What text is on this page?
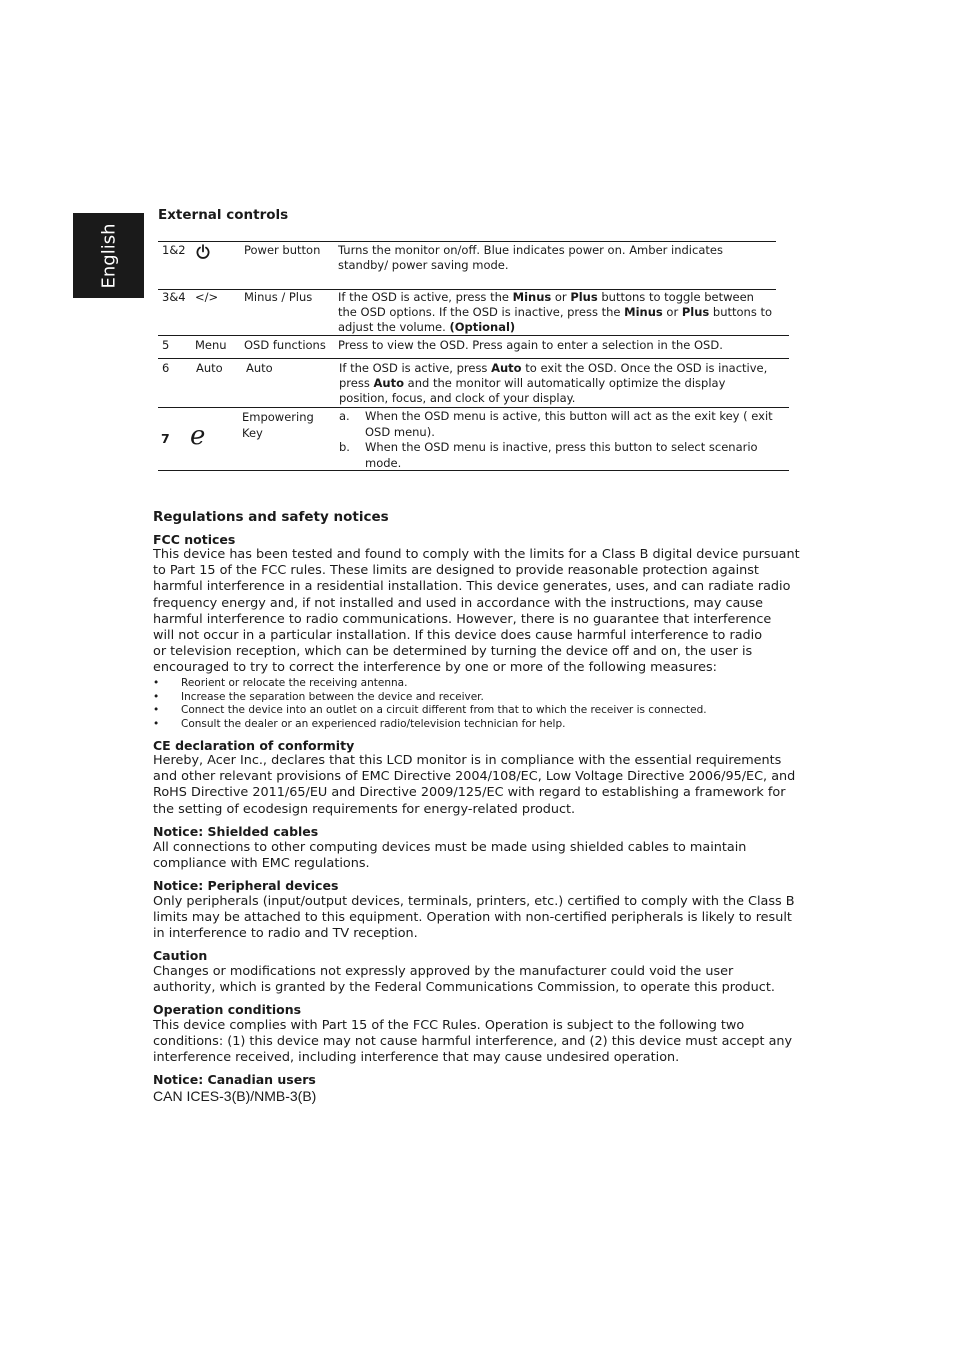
English
External controls
1&2	Power button Turns the monitor on/off. Blue indicates power on. Amber indicates
standby/ power saving mode.
3&4 </> Minus / Plus If the OSD is active, press the Minus or Plus buttons to toggle between
the OSD options. If the OSD is inactive, press the Minus or Plus buttons to
adjust the volume. (Optional)
5 Menu OSD functions Press to view the OSD. Press again to enter a selection in the OSD.
6 Auto Auto	If the OSD is active, press Auto to exit the OSD. Once the OSD is inactive,
press Auto and the monitor will automatically optimize the display
position, focus, and clock of your display.
7 e
Empowering
Key
a. When the OSD menu is active, this button will act as the exit key ( exit
OSD menu).
b. When the OSD menu is inactive, press this button to select scenario
mode.
Regulations and safety notices
FCC notices
This device has been tested and found to comply with the limits for a Class B digital device pursuant
to Part 15 of the FCC rules. These limits are designed to provide reasonable protection against
harmful interference in a residential installation. This device generates, uses, and can radiate radio
frequency energy and, if not installed and used in accordance with the instructions, may cause
harmful interference to radio communications. However, there is no guarantee that interference
will not occur in a particular installation. If this device does cause harmful interference to radio
or television reception, which can be determined by turning the device off and on, the user is
encouraged to try to correct the interference by one or more of the following measures:
• Reorient or relocate the receiving antenna.
• Increase the separation between the device and receiver.
• Connect the device into an outlet on a circuit different from that to which the receiver is connected.
• Consult the dealer or an experienced radio/television technician for help.
CE declaration of conformity
Hereby, Acer Inc., declares that this LCD monitor is in compliance with the essential requirements
and other relevant provisions of EMC Directive 2004/108/EC, Low Voltage Directive 2006/95/EC, and
RoHS Directive 2011/65/EU and Directive 2009/125/EC with regard to establishing a framework for
the setting of ecodesign requirements for energy-related product.
Notice: Shielded cables
All connections to other computing devices must be made using shielded cables to maintain
compliance with EMC regulations.
Notice: Peripheral devices
Only peripherals (input/output devices, terminals, printers, etc.) certified to comply with the Class B
limits may be attached to this equipment. Operation with non-certified peripherals is likely to result
in interference to radio and TV reception.
Caution
Changes or modifications not expressly approved by the manufacturer could void the user
authority, which is granted by the Federal Communications Commission, to operate this product.
Operation conditions
This device complies with Part 15 of the FCC Rules. Operation is subject to the following two
conditions: (1) this device may not cause harmful interference, and (2) this device must accept any
interference received, including interference that may cause undesired operation.
Notice: Canadian users
CAN ICES-3(B)/NMB-3(B)
